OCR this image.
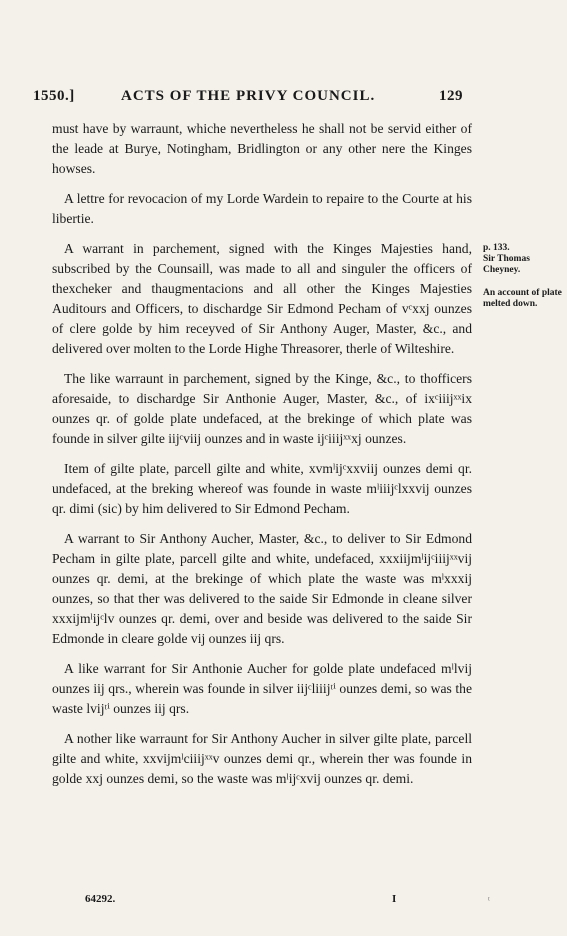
1550.]	ACTS OF THE PRIVY COUNCIL.	129
p. 133.
Sir Thomas Cheyney.
An account of plate melted down.

must have by warraunt, whiche nevertheless he shall not be servid either of the leade at Burye, Notingham, Bridlington or any other nere the Kinges howses.

A lettre for revocacion of my Lorde Wardein to repaire to the Courte at his libertie.

A warrant in parchement, signed with the Kinges Majesties hand, subscribed by the Counsaill, was made to all and singuler the officers of thexcheker and thaugmentacions and all other the Kinges Majesties Auditours and Officers, to dischardge Sir Edmond Pecham of vᶜxxj ounzes of clere golde by him receyved of Sir Anthony Auger, Master, &c., and delivered over molten to the Lorde Highe Threasorer, therle of Wilteshire.

The like warraunt in parchement, signed by the Kinge, &c., to thofficers aforesaide, to dischardge Sir Anthonie Auger, Master, &c., of ixᶜiiijˣˣix ounzes qr. of golde plate undefaced, at the brekinge of which plate was founde in silver gilte iijᶜviij ounzes and in waste ijᶜiiijˣˣxj ounzes.

Item of gilte plate, parcell gilte and white, xvmˡijᶜxxviij ounzes demi qr. undefaced, at the breking whereof was founde in waste mˡiiijᶜlxxvij ounzes qr. dimi (sic) by him delivered to Sir Edmond Pecham.

A warrant to Sir Anthony Aucher, Master, &c., to deliver to Sir Edmond Pecham in gilte plate, parcell gilte and white, undefaced, xxxiijmˡijᶜiiijˣˣvij ounzes qr. demi, at the brekinge of which plate the waste was mˡxxxij ounzes, so that ther was delivered to the saide Sir Edmonde in cleane silver xxxijmˡijᶜlv ounzes qr. demi, over and beside was delivered to the saide Sir Edmonde in cleare golde vij ounzes iij qrs.

A like warrant for Sir Anthonie Aucher for golde plate undefaced mˡlvij ounzes iij qrs., wherein was founde in silver iijᶜliiijᵗⁱ ounzes demi, so was the waste lvijᵗⁱ ounzes iij qrs.

A nother like warraunt for Sir Anthony Aucher in silver gilte plate, parcell gilte and white, xxvijmˡciiijˣˣv ounzes demi qr., wherein ther was founde in golde xxj ounzes demi, so the waste was mˡijᶜxvij ounzes qr. demi.

64292.	I	ᵗ
